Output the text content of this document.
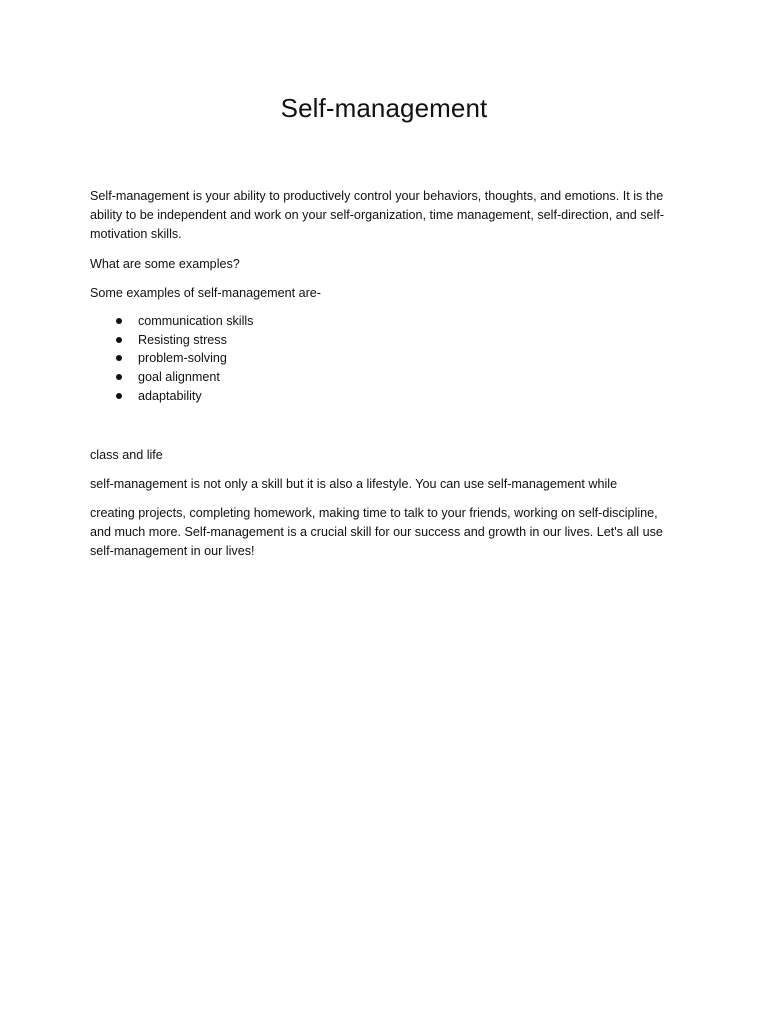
Self-management

Self-management is your ability to productively control your behaviors, thoughts, and emotions. It is the ability to be independent and work on your self-organization, time management, self-direction, and self-motivation skills.

What are some examples?

Some examples of self-management are-

communication skills
Resisting stress
problem-solving
goal alignment
adaptability

class and life

self-management is not only a skill but it is also a lifestyle. You can use self-management while

creating projects, completing homework, making time to talk to your friends, working on self-discipline, and much more. Self-management is a crucial skill for our success and growth in our lives. Let's all use self-management in our lives!
